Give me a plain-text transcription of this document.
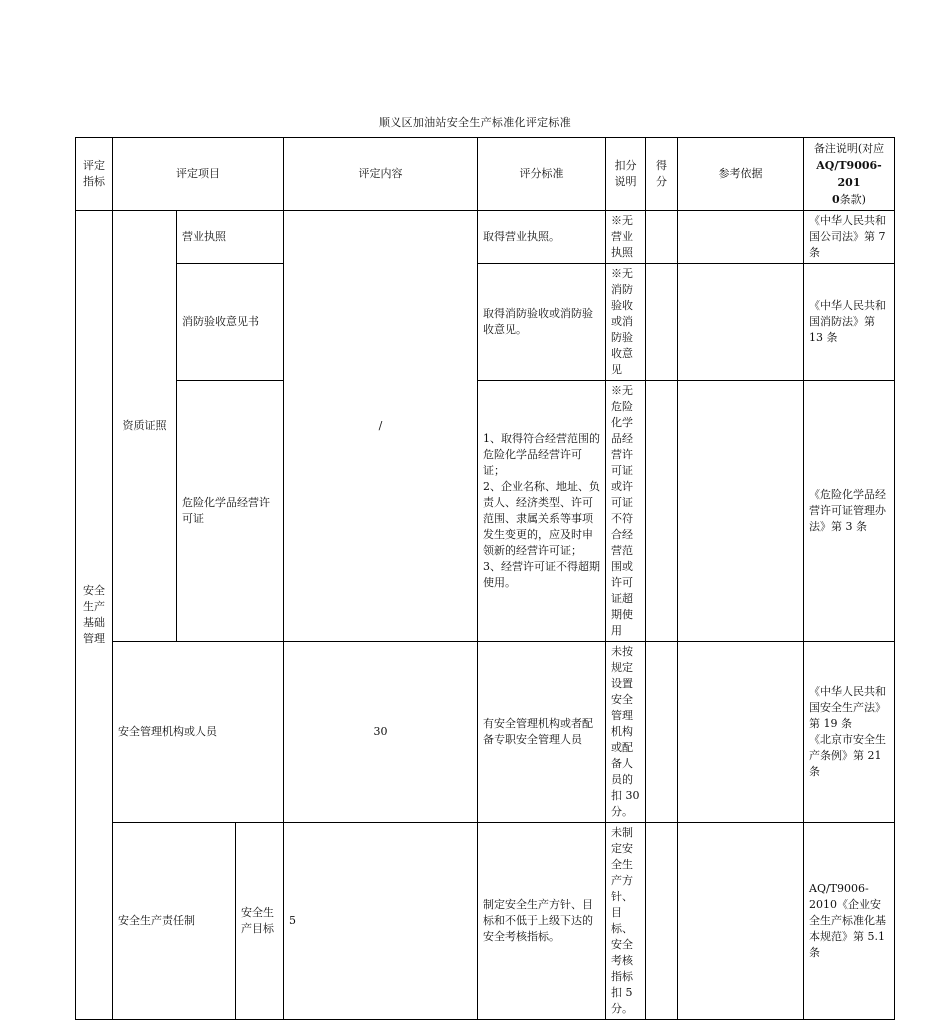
顺义区加油站安全生产标准化评定标准
评定指标	评定项目			评定内容	评分标准	扣分说明	得分	参考依据	备注说明(对应
AQ/T9006-201
0条款)	
安全生产基础管理	资质证照	营业执照		/	取得营业执照。	※无营业执照			《中华人民共和国公司法》第 7 条	
		消防验收意见书			取得消防验收或消防验收意见。	※无消防验收或消防验收意见			《中华人民共和国消防法》第 13 条	
		危险化学品经营许可证			1、取得符合经营范围的危险化学品经营许可证；
2、企业名称、地址、负责人、经济类型、许可范围、隶属关系等事项发生变更的，应及时申领新的经营许可证；
3、经营许可证不得超期使用。	※无危险化学品经营许可证或许可证不符合经营范围或许可证超期使用			《危险化学品经营许可证管理办法》第 3 条	
	安全管理机构或人员			30	有安全管理机构或者配备专职安全管理人员	未按规定设置安全管理机构或配备人员的扣 30 分。			《中华人民共和国安全生产法》第 19 条
《北京市安全生产条例》第 21 条	
	安全生产责任制		安全生产目标	5	制定安全生产方针、目标和不低于上级下达的安全考核指标。	未制定安全生产方针、目标、安全考核指标扣 5 分。			AQ/T9006-2010《企业安全生产标准化基本规范》第 5.1 条	
